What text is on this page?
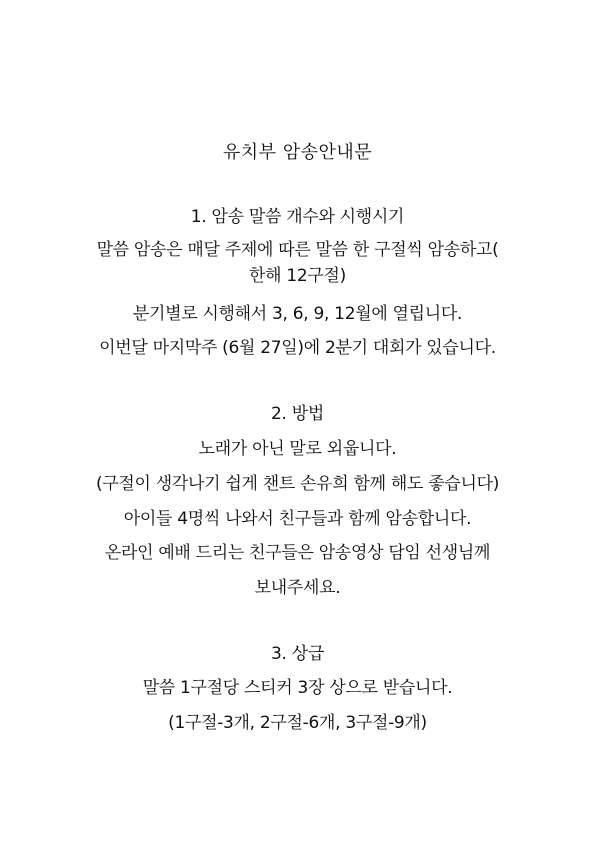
유치부 암송안내문
1. 암송 말씀 개수와 시행시기
말씀 암송은 매달 주제에 따른 말씀 한 구절씩 암송하고(
한해 12구절)
분기별로 시행해서 3, 6, 9, 12월에 열립니다.
이번달 마지막주 (6월 27일)에 2분기 대회가 있습니다.
2. 방법
노래가 아닌 말로 외웁니다.
(구절이 생각나기 쉽게 챈트 손유희 함께 해도 좋습니다)
아이들 4명씩 나와서 친구들과 함께 암송합니다.
온라인 예배 드리는 친구들은 암송영상 담임 선생님께
보내주세요.
3. 상급
말씀 1구절당 스티커 3장 상으로 받습니다.
(1구절-3개, 2구절-6개, 3구절-9개)
